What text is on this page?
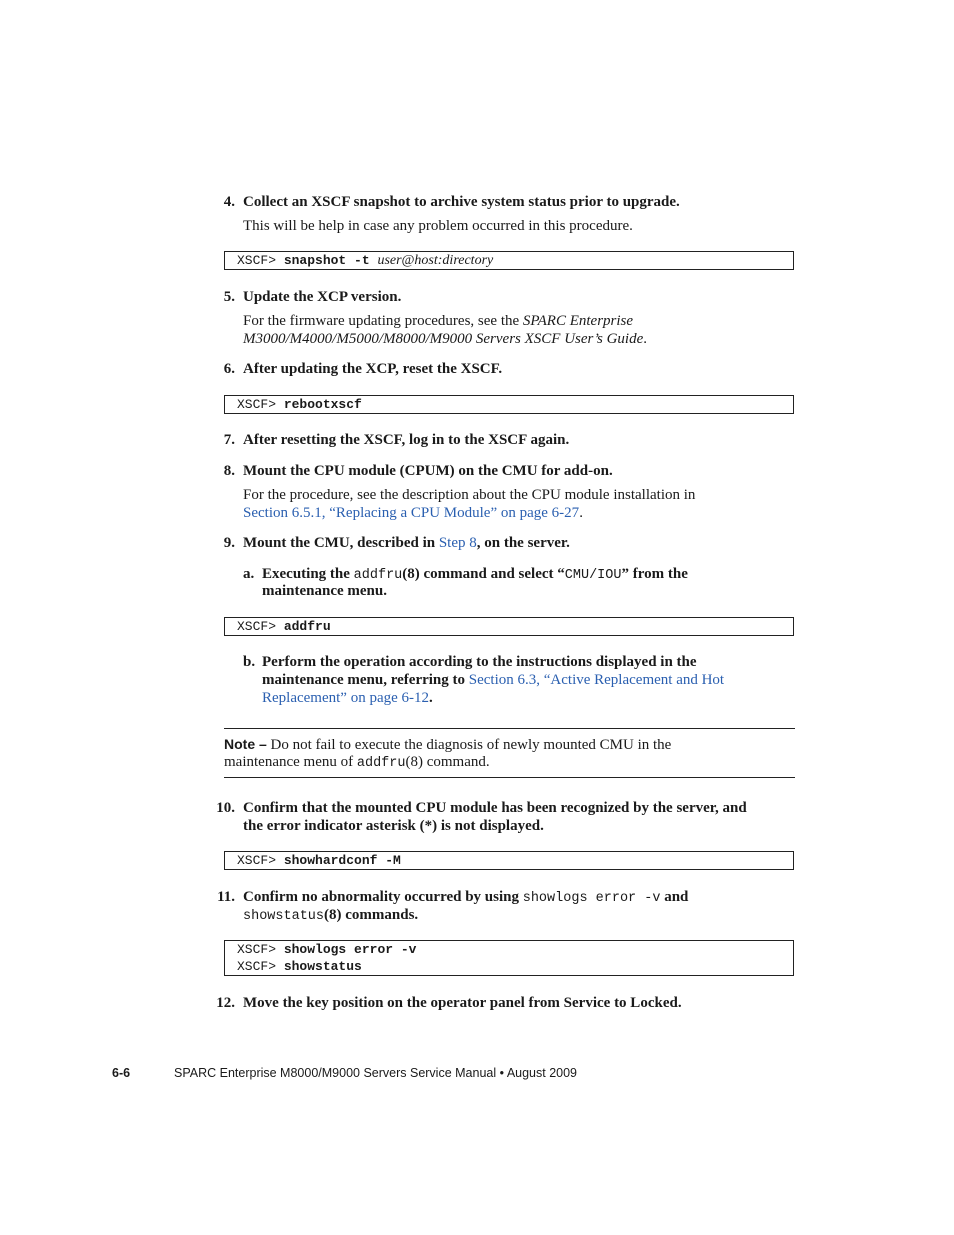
4. Collect an XSCF snapshot to archive system status prior to upgrade.
This will be help in case any problem occurred in this procedure.
XSCF> snapshot -t user@host:directory
5. Update the XCP version.
For the firmware updating procedures, see the SPARC Enterprise
M3000/M4000/M5000/M8000/M9000 Servers XSCF User’s Guide.
6. After updating the XCP, reset the XSCF.
XSCF> rebootxscf
7. After resetting the XSCF, log in to the XSCF again.
8. Mount the CPU module (CPUM) on the CMU for add-on.
For the procedure, see the description about the CPU module installation in
Section 6.5.1, “Replacing a CPU Module” on page 6-27.
9. Mount the CMU, described in Step 8, on the server.
a. Executing the addfru(8) command and select “CMU/IOU” from the
maintenance menu.
XSCF> addfru
b. Perform the operation according to the instructions displayed in the
maintenance menu, referring to Section 6.3, “Active Replacement and Hot
Replacement” on page 6-12.
Note – Do not fail to execute the diagnosis of newly mounted CMU in the
maintenance menu of addfru(8) command.
10. Confirm that the mounted CPU module has been recognized by the server, and
the error indicator asterisk (*) is not displayed.
XSCF> showhardconf -M
11. Confirm no abnormality occurred by using showlogs error -v and
showstatus(8) commands.
XSCF> showlogs error -v
XSCF> showstatus
12. Move the key position on the operator panel from Service to Locked.
6-6	SPARC Enterprise M8000/M9000 Servers Service Manual • August 2009
